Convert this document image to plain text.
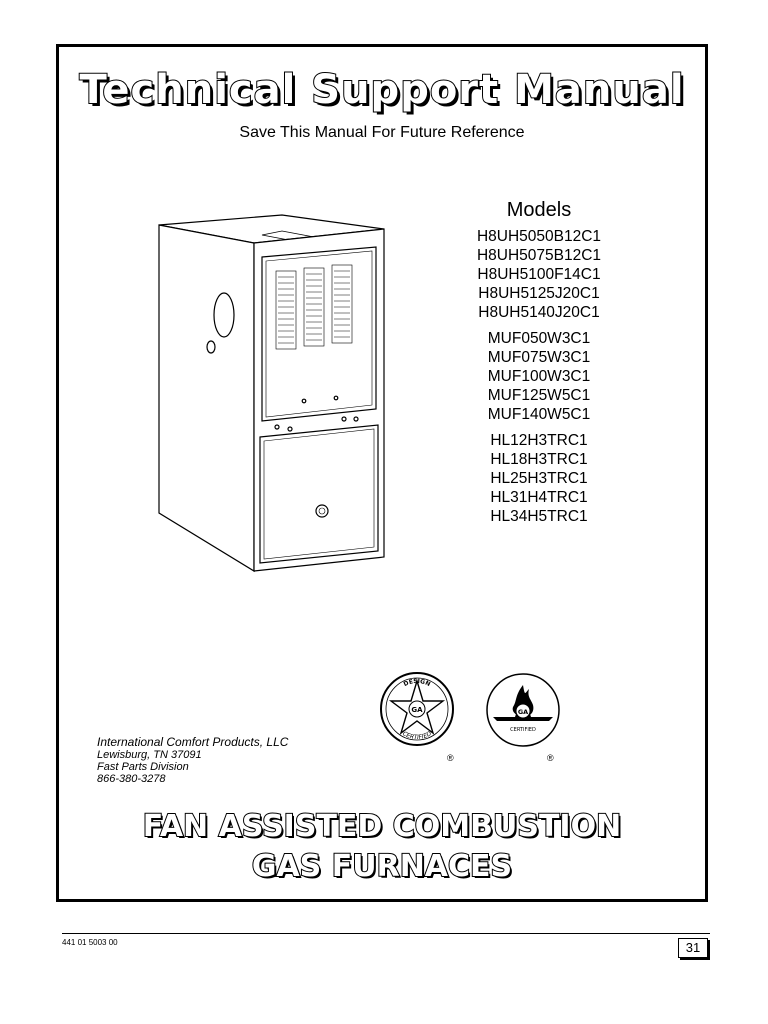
Technical Support Manual
Save This Manual For Future Reference
Models
H8UH5050B12C1
H8UH5075B12C1
H8UH5100F14C1
H8UH5125J20C1
H8UH5140J20C1
MUF050W3C1
MUF075W3C1
MUF100W3C1
MUF125W5C1
MUF140W5C1
HL12H3TRC1
HL18H3TRC1
HL25H3TRC1
HL31H4TRC1
HL34H5TRC1
GA
DESIGN
CERTIFIED
®
GA
CERTIFIED
®
International Comfort Products, LLC
Lewisburg, TN 37091
Fast Parts Division
866-380-3278
FAN ASSISTED COMBUSTION
GAS FURNACES
441 01 5003 00	31
